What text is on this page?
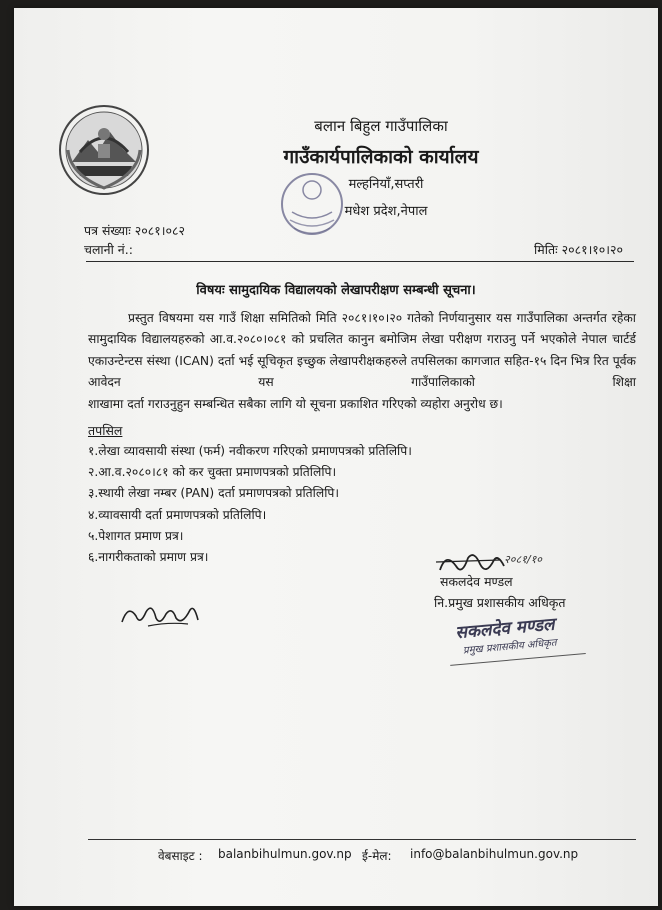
बलान बिहुल गाउँपालिका
गाउँकार्यपालिकाको कार्यालय
मल्हनियाँ,सप्तरी
मधेश प्रदेश,नेपाल
पत्र संख्याः २०८१।०८२
चलानी नं.:	मितिः २०८१।१०।२०
विषयः सामुदायिक विद्यालयको लेखापरीक्षण सम्बन्धी सूचना।
प्रस्तुत विषयमा यस गाउँ शिक्षा समितिको मिति २०८१।१०।२० गतेको निर्णयानुसार यस गाउँपालिका अन्तर्गत रहेका सामुदायिक विद्यालयहरुको आ.व.२०८०।०८१ को प्रचलित कानुन बमोजिम लेखा परीक्षण गराउनु पर्ने भएकोले नेपाल चार्टर्ड एकाउन्टेन्टस संस्था (ICAN) दर्ता भई सूचिकृत इच्छुक लेखापरीक्षकहरुले तपसिलका कागजात सहित-१५ दिन भित्र रित पूर्वक आवेदन यस गाउँपालिकाको शिक्षा
शाखामा दर्ता गराउनुहुन सम्बन्धित सबैका लागि यो सूचना प्रकाशित गरिएको व्यहोरा अनुरोध छ।
तपसिल
१.लेखा व्यावसायी संस्था (फर्म) नवीकरण गरिएको प्रमाणपत्रको प्रतिलिपि।
२.आ.व.२०८०।८१ को कर चुक्ता प्रमाणपत्रको प्रतिलिपि।
३.स्थायी लेखा नम्बर (PAN) दर्ता प्रमाणपत्रको प्रतिलिपि।
४.व्यावसायी दर्ता प्रमाणपत्रको प्रतिलिपि।
५.पेशागत प्रमाण प्रत्र।
६.नागरीकताको प्रमाण प्रत्र।	२०८१/१०
सकलदेव मण्डल
नि.प्रमुख प्रशासकीय अधिकृत
सकलदेव मण्डल
प्रमुख प्रशासकीय अधिकृत
वेबसाइट : balanbihulmun.gov.np ई-मेल: info@balanbihulmun.gov.np
